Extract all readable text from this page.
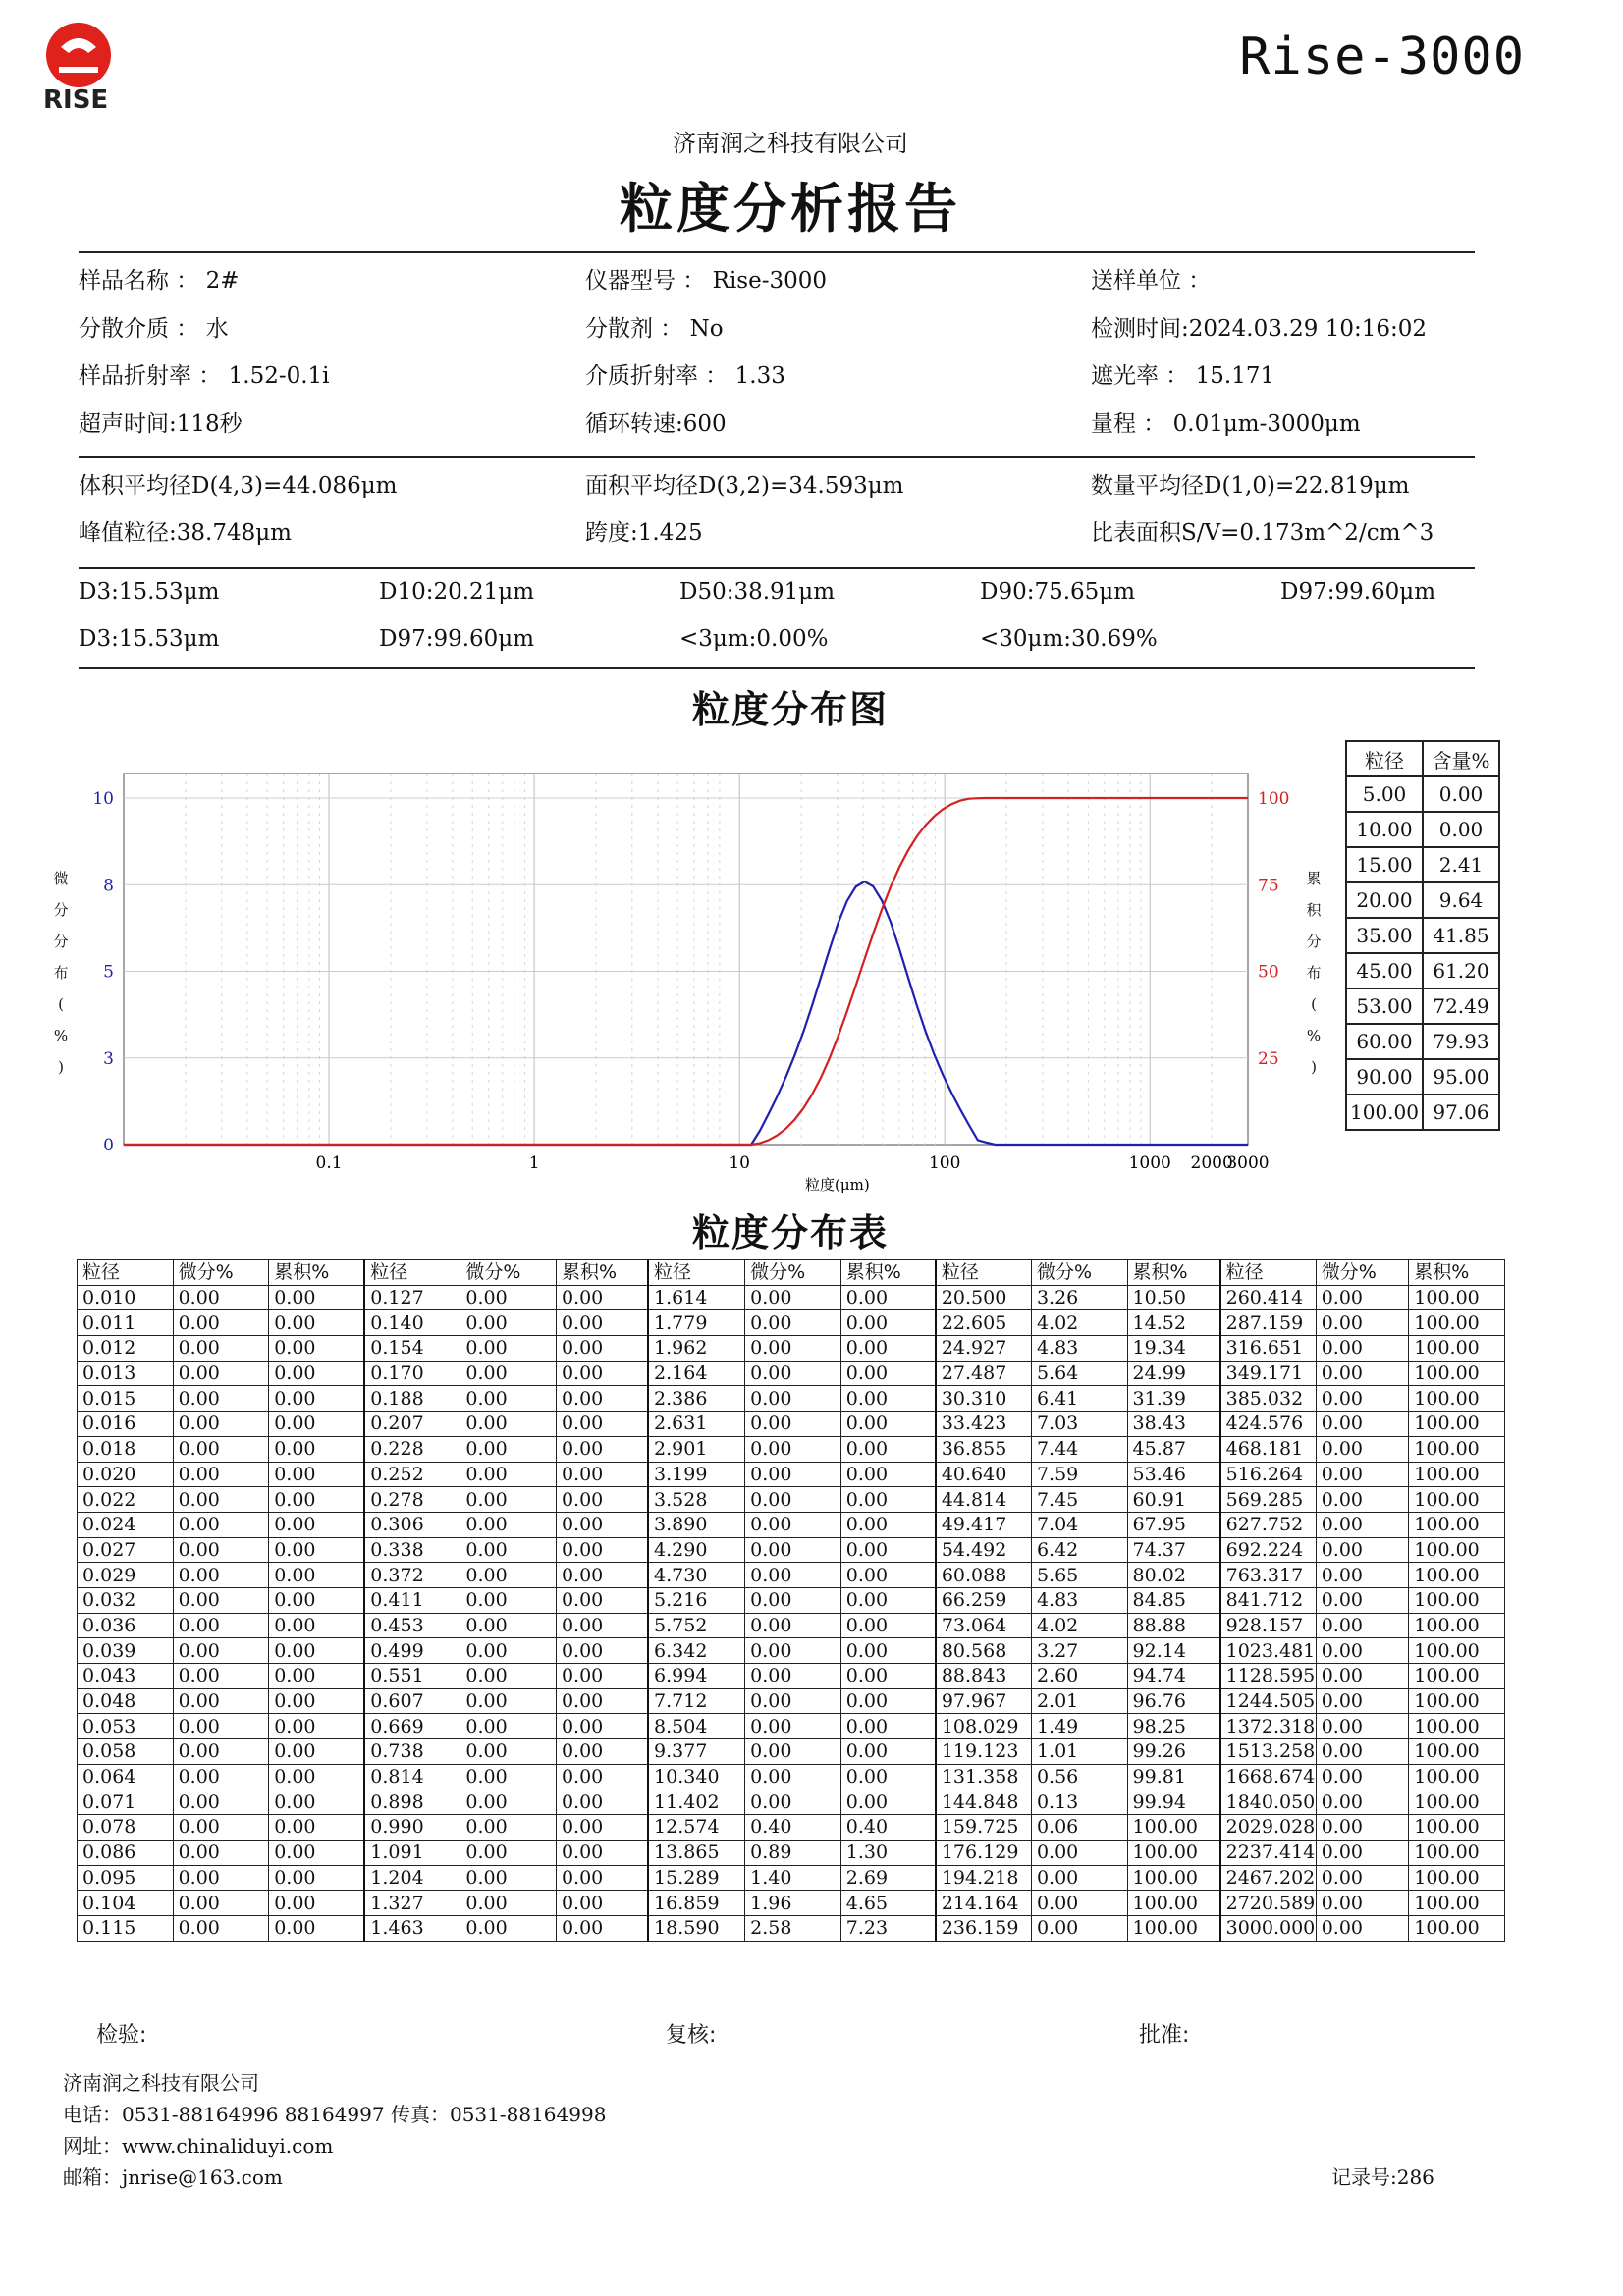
RISE
Rise-3000
济南润之科技有限公司
粒度分析报告
样品名称 ： 2#	仪器型号 ： Rise-3000	送样单位 ：
分散介质 ： 水	分散剂 ： No	检测时间:2024.03.29 10:16:02
样品折射率 ： 1.52-0.1i	介质折射率 ： 1.33	遮光率 ： 15.171
超声时间:118秒	循环转速:600	量程 ： 0.01μm-3000μm
体积平均径D(4,3)=44.086μm	面积平均径D(3,2)=34.593μm	数量平均径D(1,0)=22.819μm
峰值粒径:38.748μm	跨度:1.425	比表面积S/V=0.173m^2/cm^3
D3:15.53μm	D10:20.21μm	D50:38.91μm	D90:75.65μm	D97:99.60μm
D3:15.53μm	D97:99.60μm	<3μm:0.00%	<30μm:30.69%
粒度分布图
0.1	1	10	100	1000 2000
3000
0
3
5
8
10
25
50
75
100
粒度(μm)
微分分布( % )
累积分布( % )
粒径	含量%
5.00	0.00
10.00	0.00
15.00	2.41
20.00	9.64
35.00	41.85
45.00	61.20
53.00	72.49
60.00	79.93
90.00	95.00
100.00	97.06
粒度分布表
粒径	微分%	累积%	粒径	微分%	累积%	粒径	微分%	累积%	粒径	微分%	累积%	粒径	微分%	累积%
0.010	0.00	0.00	0.127	0.00	0.00	1.614	0.00	0.00	20.500	3.26	10.50	260.414	0.00	100.00
0.011	0.00	0.00	0.140	0.00	0.00	1.779	0.00	0.00	22.605	4.02	14.52	287.159	0.00	100.00
0.012	0.00	0.00	0.154	0.00	0.00	1.962	0.00	0.00	24.927	4.83	19.34	316.651	0.00	100.00
0.013	0.00	0.00	0.170	0.00	0.00	2.164	0.00	0.00	27.487	5.64	24.99	349.171	0.00	100.00
0.015	0.00	0.00	0.188	0.00	0.00	2.386	0.00	0.00	30.310	6.41	31.39	385.032	0.00	100.00
0.016	0.00	0.00	0.207	0.00	0.00	2.631	0.00	0.00	33.423	7.03	38.43	424.576	0.00	100.00
0.018	0.00	0.00	0.228	0.00	0.00	2.901	0.00	0.00	36.855	7.44	45.87	468.181	0.00	100.00
0.020	0.00	0.00	0.252	0.00	0.00	3.199	0.00	0.00	40.640	7.59	53.46	516.264	0.00	100.00
0.022	0.00	0.00	0.278	0.00	0.00	3.528	0.00	0.00	44.814	7.45	60.91	569.285	0.00	100.00
0.024	0.00	0.00	0.306	0.00	0.00	3.890	0.00	0.00	49.417	7.04	67.95	627.752	0.00	100.00
0.027	0.00	0.00	0.338	0.00	0.00	4.290	0.00	0.00	54.492	6.42	74.37	692.224	0.00	100.00
0.029	0.00	0.00	0.372	0.00	0.00	4.730	0.00	0.00	60.088	5.65	80.02	763.317	0.00	100.00
0.032	0.00	0.00	0.411	0.00	0.00	5.216	0.00	0.00	66.259	4.83	84.85	841.712	0.00	100.00
0.036	0.00	0.00	0.453	0.00	0.00	5.752	0.00	0.00	73.064	4.02	88.88	928.157	0.00	100.00
0.039	0.00	0.00	0.499	0.00	0.00	6.342	0.00	0.00	80.568	3.27	92.14	1023.481	0.00	100.00
0.043	0.00	0.00	0.551	0.00	0.00	6.994	0.00	0.00	88.843	2.60	94.74	1128.595	0.00	100.00
0.048	0.00	0.00	0.607	0.00	0.00	7.712	0.00	0.00	97.967	2.01	96.76	1244.505	0.00	100.00
0.053	0.00	0.00	0.669	0.00	0.00	8.504	0.00	0.00	108.029	1.49	98.25	1372.318	0.00	100.00
0.058	0.00	0.00	0.738	0.00	0.00	9.377	0.00	0.00	119.123	1.01	99.26	1513.258	0.00	100.00
0.064	0.00	0.00	0.814	0.00	0.00	10.340	0.00	0.00	131.358	0.56	99.81	1668.674	0.00	100.00
0.071	0.00	0.00	0.898	0.00	0.00	11.402	0.00	0.00	144.848	0.13	99.94	1840.050	0.00	100.00
0.078	0.00	0.00	0.990	0.00	0.00	12.574	0.40	0.40	159.725	0.06	100.00	2029.028	0.00	100.00
0.086	0.00	0.00	1.091	0.00	0.00	13.865	0.89	1.30	176.129	0.00	100.00	2237.414	0.00	100.00
0.095	0.00	0.00	1.204	0.00	0.00	15.289	1.40	2.69	194.218	0.00	100.00	2467.202	0.00	100.00
0.104	0.00	0.00	1.327	0.00	0.00	16.859	1.96	4.65	214.164	0.00	100.00	2720.589	0.00	100.00
0.115	0.00	0.00	1.463	0.00	0.00	18.590	2.58	7.23	236.159	0.00	100.00	3000.000	0.00	100.00
检验:	复核:	批准:
济南润之科技有限公司
电话：0531-88164996 88164997 传真：0531-88164998
网址：www.chinaliduyi.com
邮箱：jnrise@163.com	记录号:286
